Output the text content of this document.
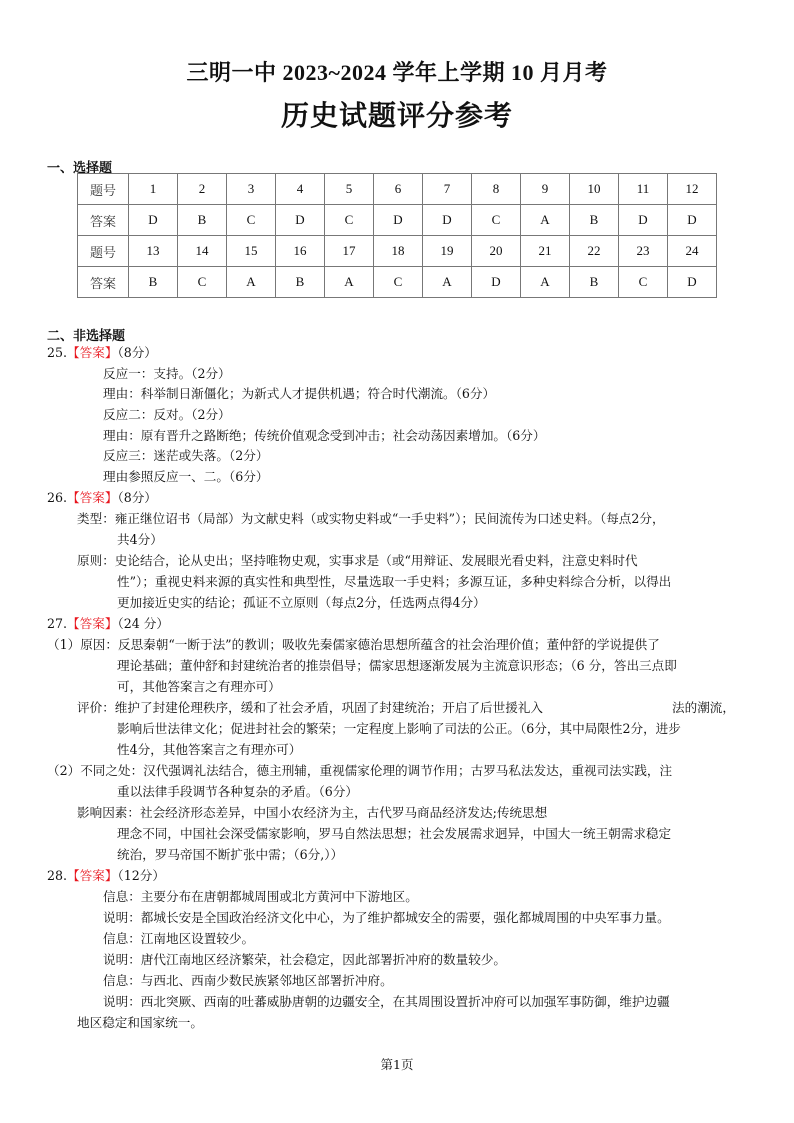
三明一中 2023~2024 学年上学期 10 月月考
历史试题评分参考
一、选择题
题号	1	2	3	4	5	6	7	8	9	10	11	12
答案	D	B	C	D	C	D	D	C	A	B	D	D
题号	13	14	15	16	17	18	19	20	21	22	23	24
答案	B	C	A	B	A	C	A	D	A	B	C	D
二、非选择题
25.【答案】（8分）
反应一：支持。（2分）
理由：科举制日渐僵化；为新式人才提供机遇；符合时代潮流。（6分）
反应二：反对。（2分）
理由：原有晋升之路断绝；传统价值观念受到冲击；社会动荡因素增加。（6分）
反应三：迷茫或失落。（2分）
理由参照反应一、二。（6分）
26.【答案】（8分）
类型：雍正继位诏书（局部）为文献史料（或实物史料或“一手史料”）；民间流传为口述史料。（每点2分，
共4分）
原则：史论结合，论从史出；坚持唯物史观，实事求是（或“用辩证、发展眼光看史料，注意史料时代
性”）；重视史料来源的真实性和典型性，尽量选取一手史料；多源互证，多种史料综合分析，以得出
更加接近史实的结论；孤证不立原则（每点2分，任选两点得4分）
27.【答案】（24 分）
（1）原因：反思秦朝“一断于法”的教训；吸收先秦儒家德治思想所蕴含的社会治理价值；董仲舒的学说提供了
理论基础；董仲舒和封建统治者的推崇倡导；儒家思想逐渐发展为主流意识形态；（6 分，答出三点即
可，其他答案言之有理亦可）
评价：维护了封建伦理秩序，缓和了社会矛盾，巩固了封建统治；开启了后世援礼入	法的潮流，
影响后世法律文化；促进封社会的繁荣；一定程度上影响了司法的公正。（6分，其中局限性2分，进步
性4分，其他答案言之有理亦可）
（2）不同之处：汉代强调礼法结合，德主刑辅，重视儒家伦理的调节作用；古罗马私法发达，重视司法实践，注
重以法律手段调节各种复杂的矛盾。（6分）
影响因素：社会经济形态差异，中国小农经济为主，古代罗马商品经济发达;传统思想
理念不同，中国社会深受儒家影响，罗马自然法思想；社会发展需求迥异，中国大一统王朝需求稳定
统治，罗马帝国不断扩张中需；（6分,））
28.【答案】（12分）
信息：主要分布在唐朝都城周围或北方黄河中下游地区。
说明：都城长安是全国政治经济文化中心，为了维护都城安全的需要，强化都城周围的中央军事力量。
信息：江南地区设置较少。
说明：唐代江南地区经济繁荣，社会稳定，因此部署折冲府的数量较少。
信息：与西北、西南少数民族紧邻地区部署折冲府。
说明：西北突厥、西南的吐蕃威胁唐朝的边疆安全，在其周围设置折冲府可以加强军事防御，维护边疆
地区稳定和国家统一。
第1页
